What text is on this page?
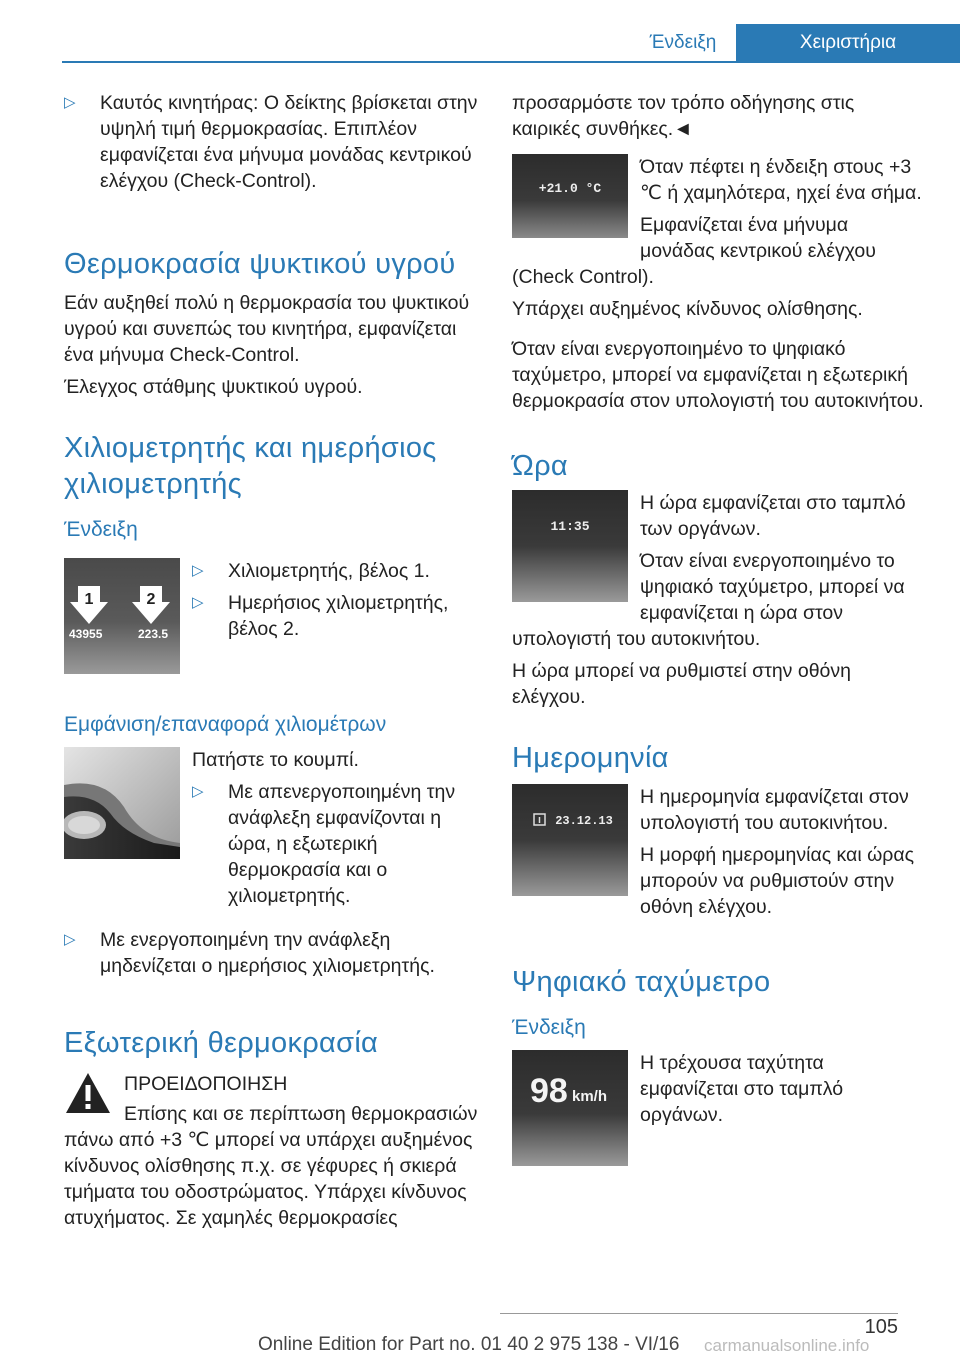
Ένδειξη	Χειριστήρια
▷ Καυτός κινητήρας: Ο δείκτης βρίσκεται στην υψηλή τιμή θερμοκρασίας. Επιπλέον εμφανίζεται ένα μήνυμα μονάδας κεντρικού ελέγχου (Check-Control).
Θερμοκρασία ψυκτικού υγρού

Εάν αυξηθεί πολύ η θερμοκρασία του ψυκτικού υγρού και συνεπώς του κινητήρα, εμφανίζεται ένα μήνυμα Check-Control.

Έλεγχος στάθμης ψυκτικού υγρού.

Χιλιομετρητής και ημερήσιος χιλιομετρητής
Ένδειξη
1	2
43955	223.5
▷ Χιλιομετρητής, βέλος 1.
▷ Ημερήσιος χιλιομετρητής, βέλος 2.
Εμφάνιση/επαναφορά χιλιομέτρων

Πατήστε το κουμπί.

▷ Με απενεργοποιημένη την ανάφλεξη εμφανίζονται η ώρα, η εξωτερική θερμοκρασία και ο χιλιομετρητής.
▷ Με ενεργοποιημένη την ανάφλεξη μηδενίζεται ο ημερήσιος χιλιομετρητής.
Εξωτερική θερμοκρασία

ΠΡΟΕΙΔΟΠΟΙΗΣΗ

Επίσης και σε περίπτωση θερμοκρασιών πάνω από +3 ℃ μπορεί να υπάρχει αυξημένος κίνδυνος ολίσθησης π.χ. σε γέφυρες ή σκιερά τμήματα του οδοστρώματος. Υπάρχει κίνδυνος ατυχήματος. Σε χαμηλές θερμοκρασίες

προσαρμόστε τον τρόπο οδήγησης στις καιρικές συνθήκες.◄

+21.0 °C

Όταν πέφτει η ένδειξη στους +3 ℃ ή χαμηλότερα, ηχεί ένα σήμα.

Εμφανίζεται ένα μήνυμα μονάδας κεντρικού ελέγχου (Check Control).

Υπάρχει αυξημένος κίνδυνος ολίσθησης.

Όταν είναι ενεργοποιημένο το ψηφιακό ταχύμετρο, μπορεί να εμφανίζεται η εξωτερική θερμοκρασία στον υπολογιστή του αυτοκινήτου.

Ώρα
11:35

Η ώρα εμφανίζεται στο ταμπλό των οργάνων.

Όταν είναι ενεργοποιημένο το ψηφιακό ταχύμετρο, μπορεί να εμφανίζεται η ώρα στον υπολογιστή του αυτοκινήτου.

Η ώρα μπορεί να ρυθμιστεί στην οθόνη ελέγχου.

Ημερομηνία
23.12.13

Η ημερομηνία εμφανίζεται στον υπολογιστή του αυτοκινήτου.

Η μορφή ημερομηνίας και ώρας μπορούν να ρυθμιστούν στην οθόνη ελέγχου.

Ψηφιακό ταχύμετρο
Ένδειξη
98 km/h

Η τρέχουσα ταχύτητα εμφανίζεται στο ταμπλό οργάνων.

105
Online Edition for Part no. 01 40 2 975 138 - VI/16 carmanualsonline.info
